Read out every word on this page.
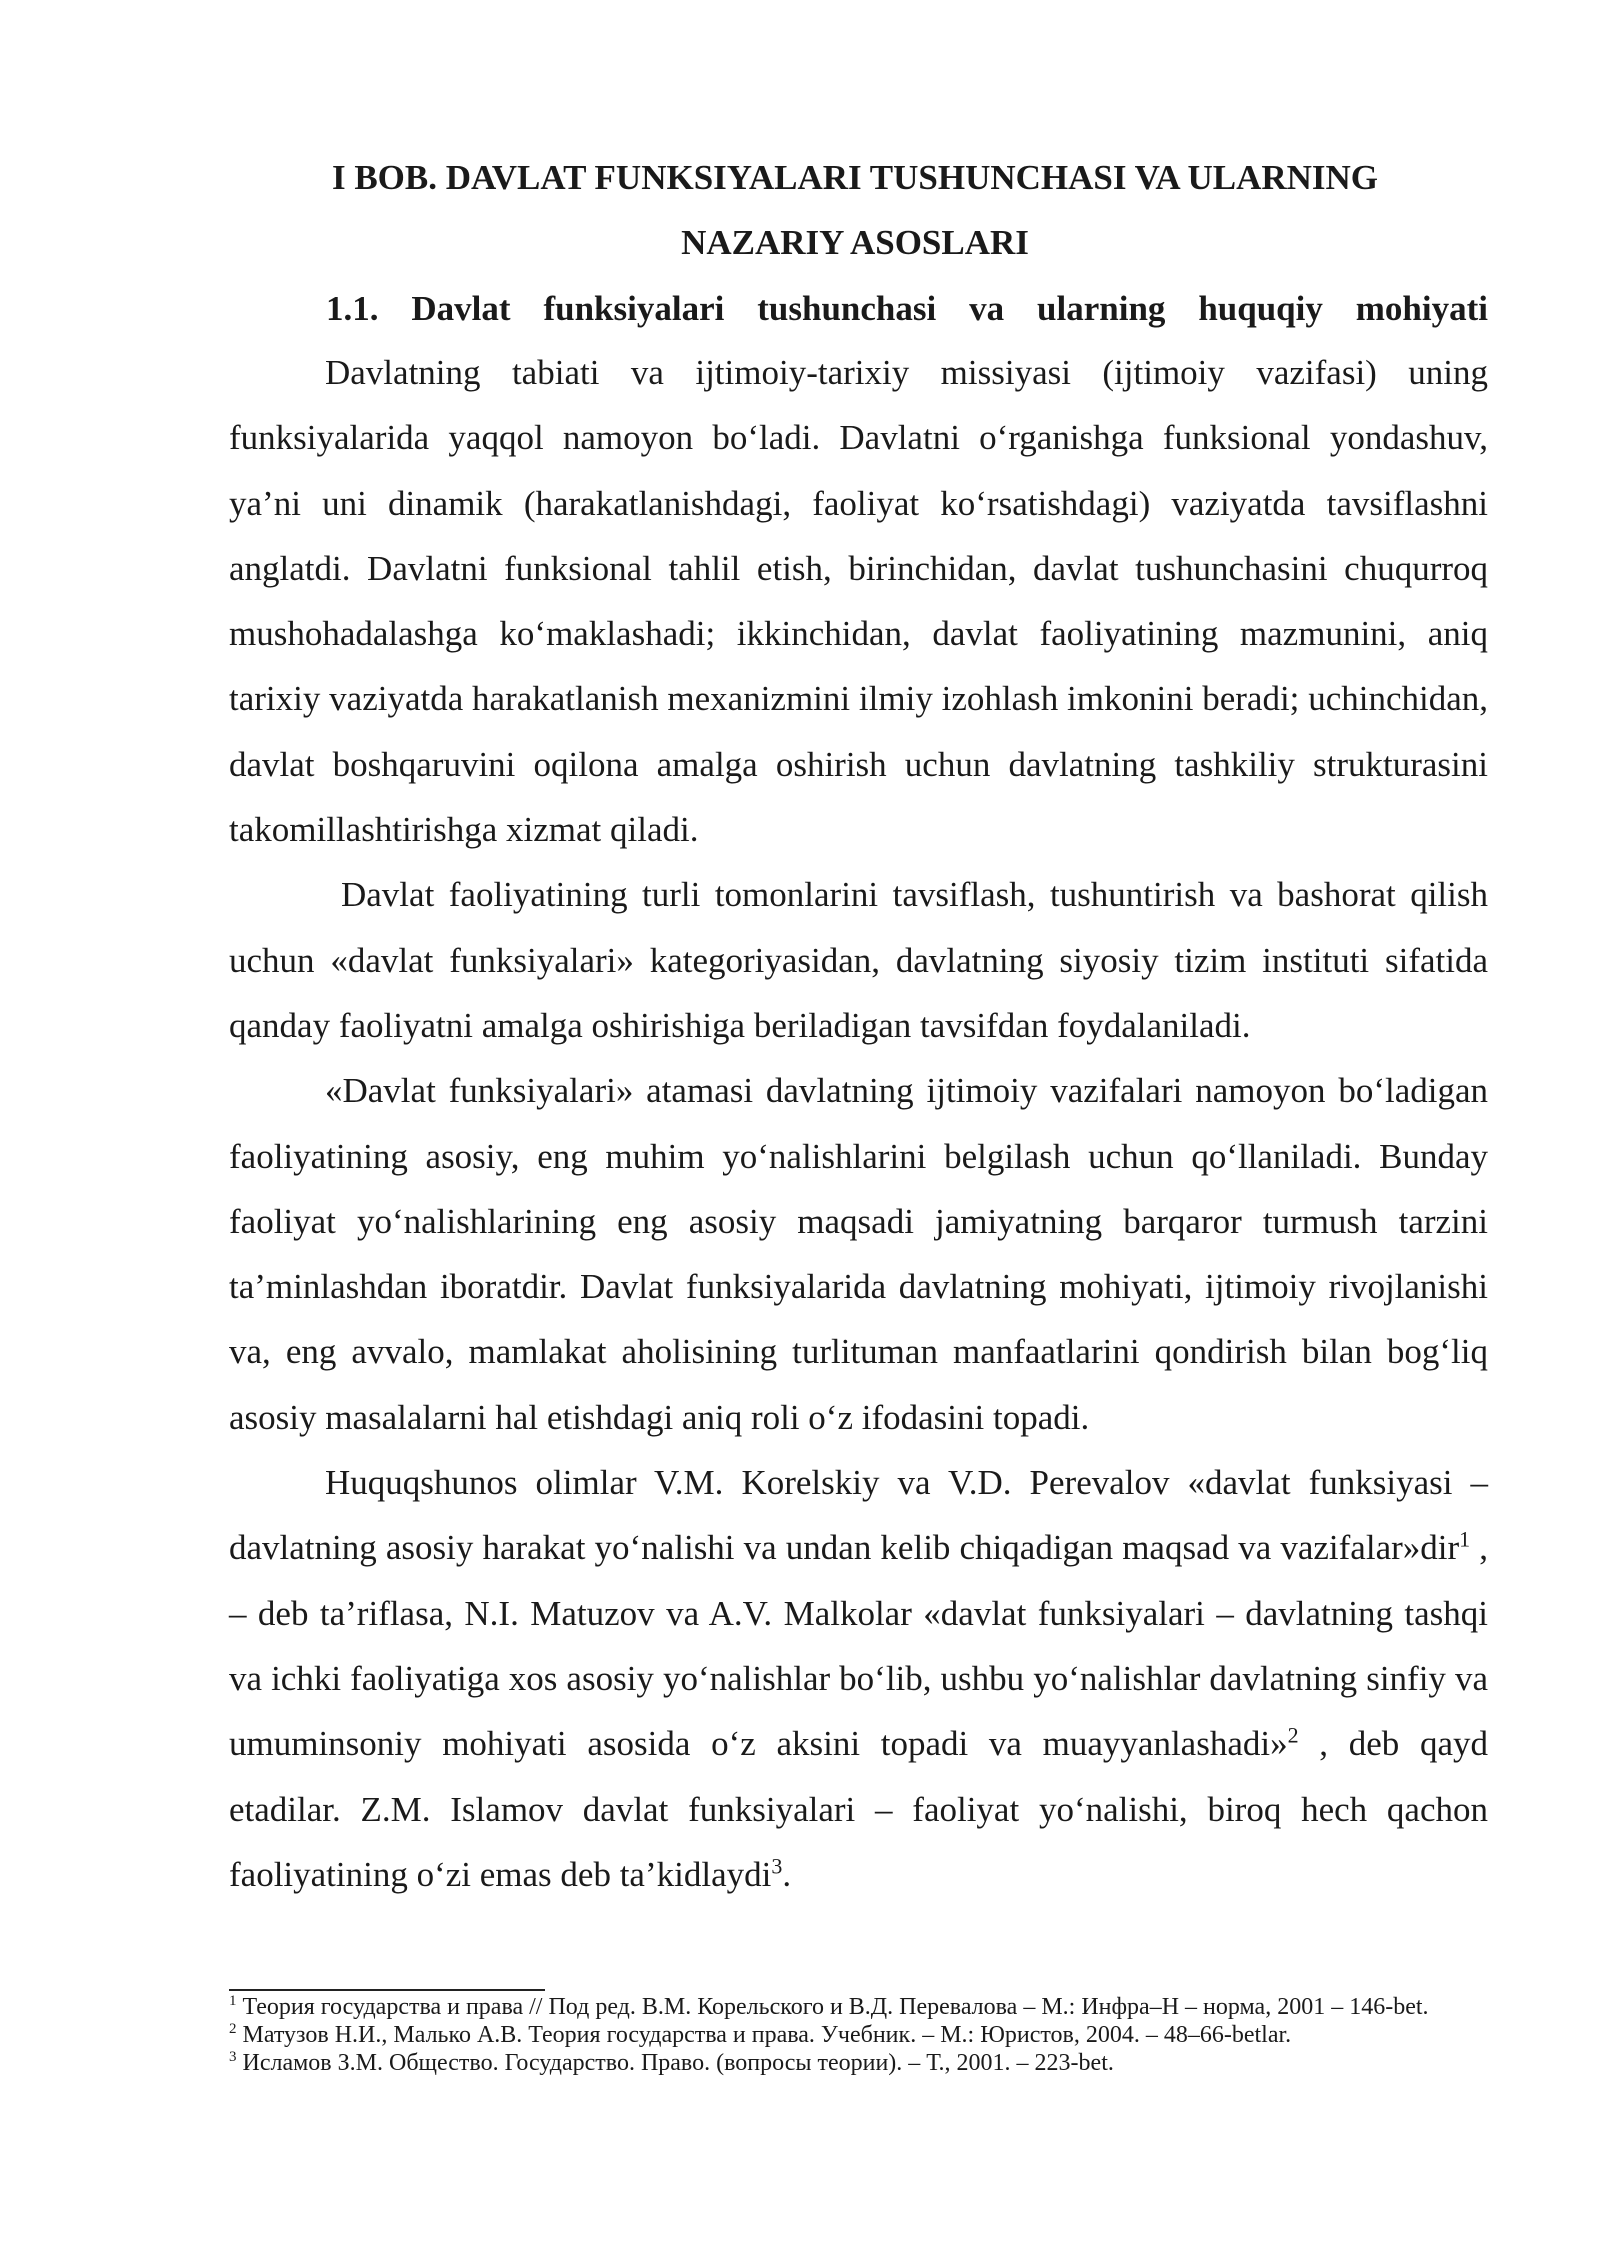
I BOB. DAVLAT FUNKSIYALARI TUSHUNCHASI VA ULARNING
NAZARIY ASOSLARI
1.1. Davlat funksiyalari tushunchasi va ularning huquqiy mohiyati

Davlatning tabiati va ijtimoiy-tarixiy missiyasi (ijtimoiy vazifasi) uning funksiyalarida yaqqol namoyon bo‘ladi. Davlatni o‘rganishga funksional yondashuv, ya’ni uni dinamik (harakatlanishdagi, faoliyat ko‘rsatishdagi) vaziyatda tavsiflashni anglatdi. Davlatni funksional tahlil etish, birinchidan, davlat tushunchasini chuqurroq mushohadalashga ko‘maklashadi; ikkinchidan, davlat faoliyatining mazmunini, aniq tarixiy vaziyatda harakatlanish mexanizmini ilmiy izohlash imkonini beradi; uchinchidan, davlat boshqaruvini oqilona amalga oshirish uchun davlatning tashkiliy strukturasini takomillashtirishga xizmat qiladi.

Davlat faoliyatining turli tomonlarini tavsiflash, tushuntirish va bashorat qilish uchun «davlat funksiyalari» kategoriyasidan, davlatning siyosiy tizim instituti sifatida qanday faoliyatni amalga oshirishiga beriladigan tavsifdan foydalaniladi.

«Davlat funksiyalari» atamasi davlatning ijtimoiy vazifalari namoyon bo‘ladigan faoliyatining asosiy, eng muhim yo‘nalishlarini belgilash uchun qo‘llaniladi. Bunday faoliyat yo‘nalishlarining eng asosiy maqsadi jamiyatning barqaror turmush tarzini ta’minlashdan iboratdir. Davlat funksiyalarida davlatning mohiyati, ijtimoiy rivojlanishi va, eng avvalo, mamlakat aholisining turlituman manfaatlarini qondirish bilan bog‘liq asosiy masalalarni hal etishdagi aniq roli o‘z ifodasini topadi.

Huquqshunos olimlar V.M. Korelskiy va V.D. Perevalov «davlat funksiyasi – davlatning asosiy harakat yo‘nalishi va undan kelib chiqadigan maqsad va vazifalar»dir$^1$ , – deb ta’riflasa, N.I. Matuzov va A.V. Malkolar «davlat funksiyalari – davlatning tashqi va ichki faoliyatiga xos asosiy yo‘nalishlar bo‘lib, ushbu yo‘nalishlar davlatning sinfiy va umuminsoniy mohiyati asosida o‘z aksini topadi va muayyanlashadi»$^2$ , deb qayd etadilar. Z.M. Islamov davlat funksiyalari – faoliyat yo‘nalishi, biroq hech qachon faoliyatining o‘zi emas deb ta’kidlaydi$^3$.

$^1$ Теория государства и права // Под ред. В.М. Корельского и В.Д. Перевалова – М.: Инфра–Н – норма, 2001 – 146-bet.

$^2$ Матузов Н.И., Малько А.В. Теория государства и права. Учебник. – М.: Юристов, 2004. – 48–66-betlar.

$^3$ Исламов З.М. Общество. Государство. Право. (вопросы теории). – Т., 2001. – 223-bet.
